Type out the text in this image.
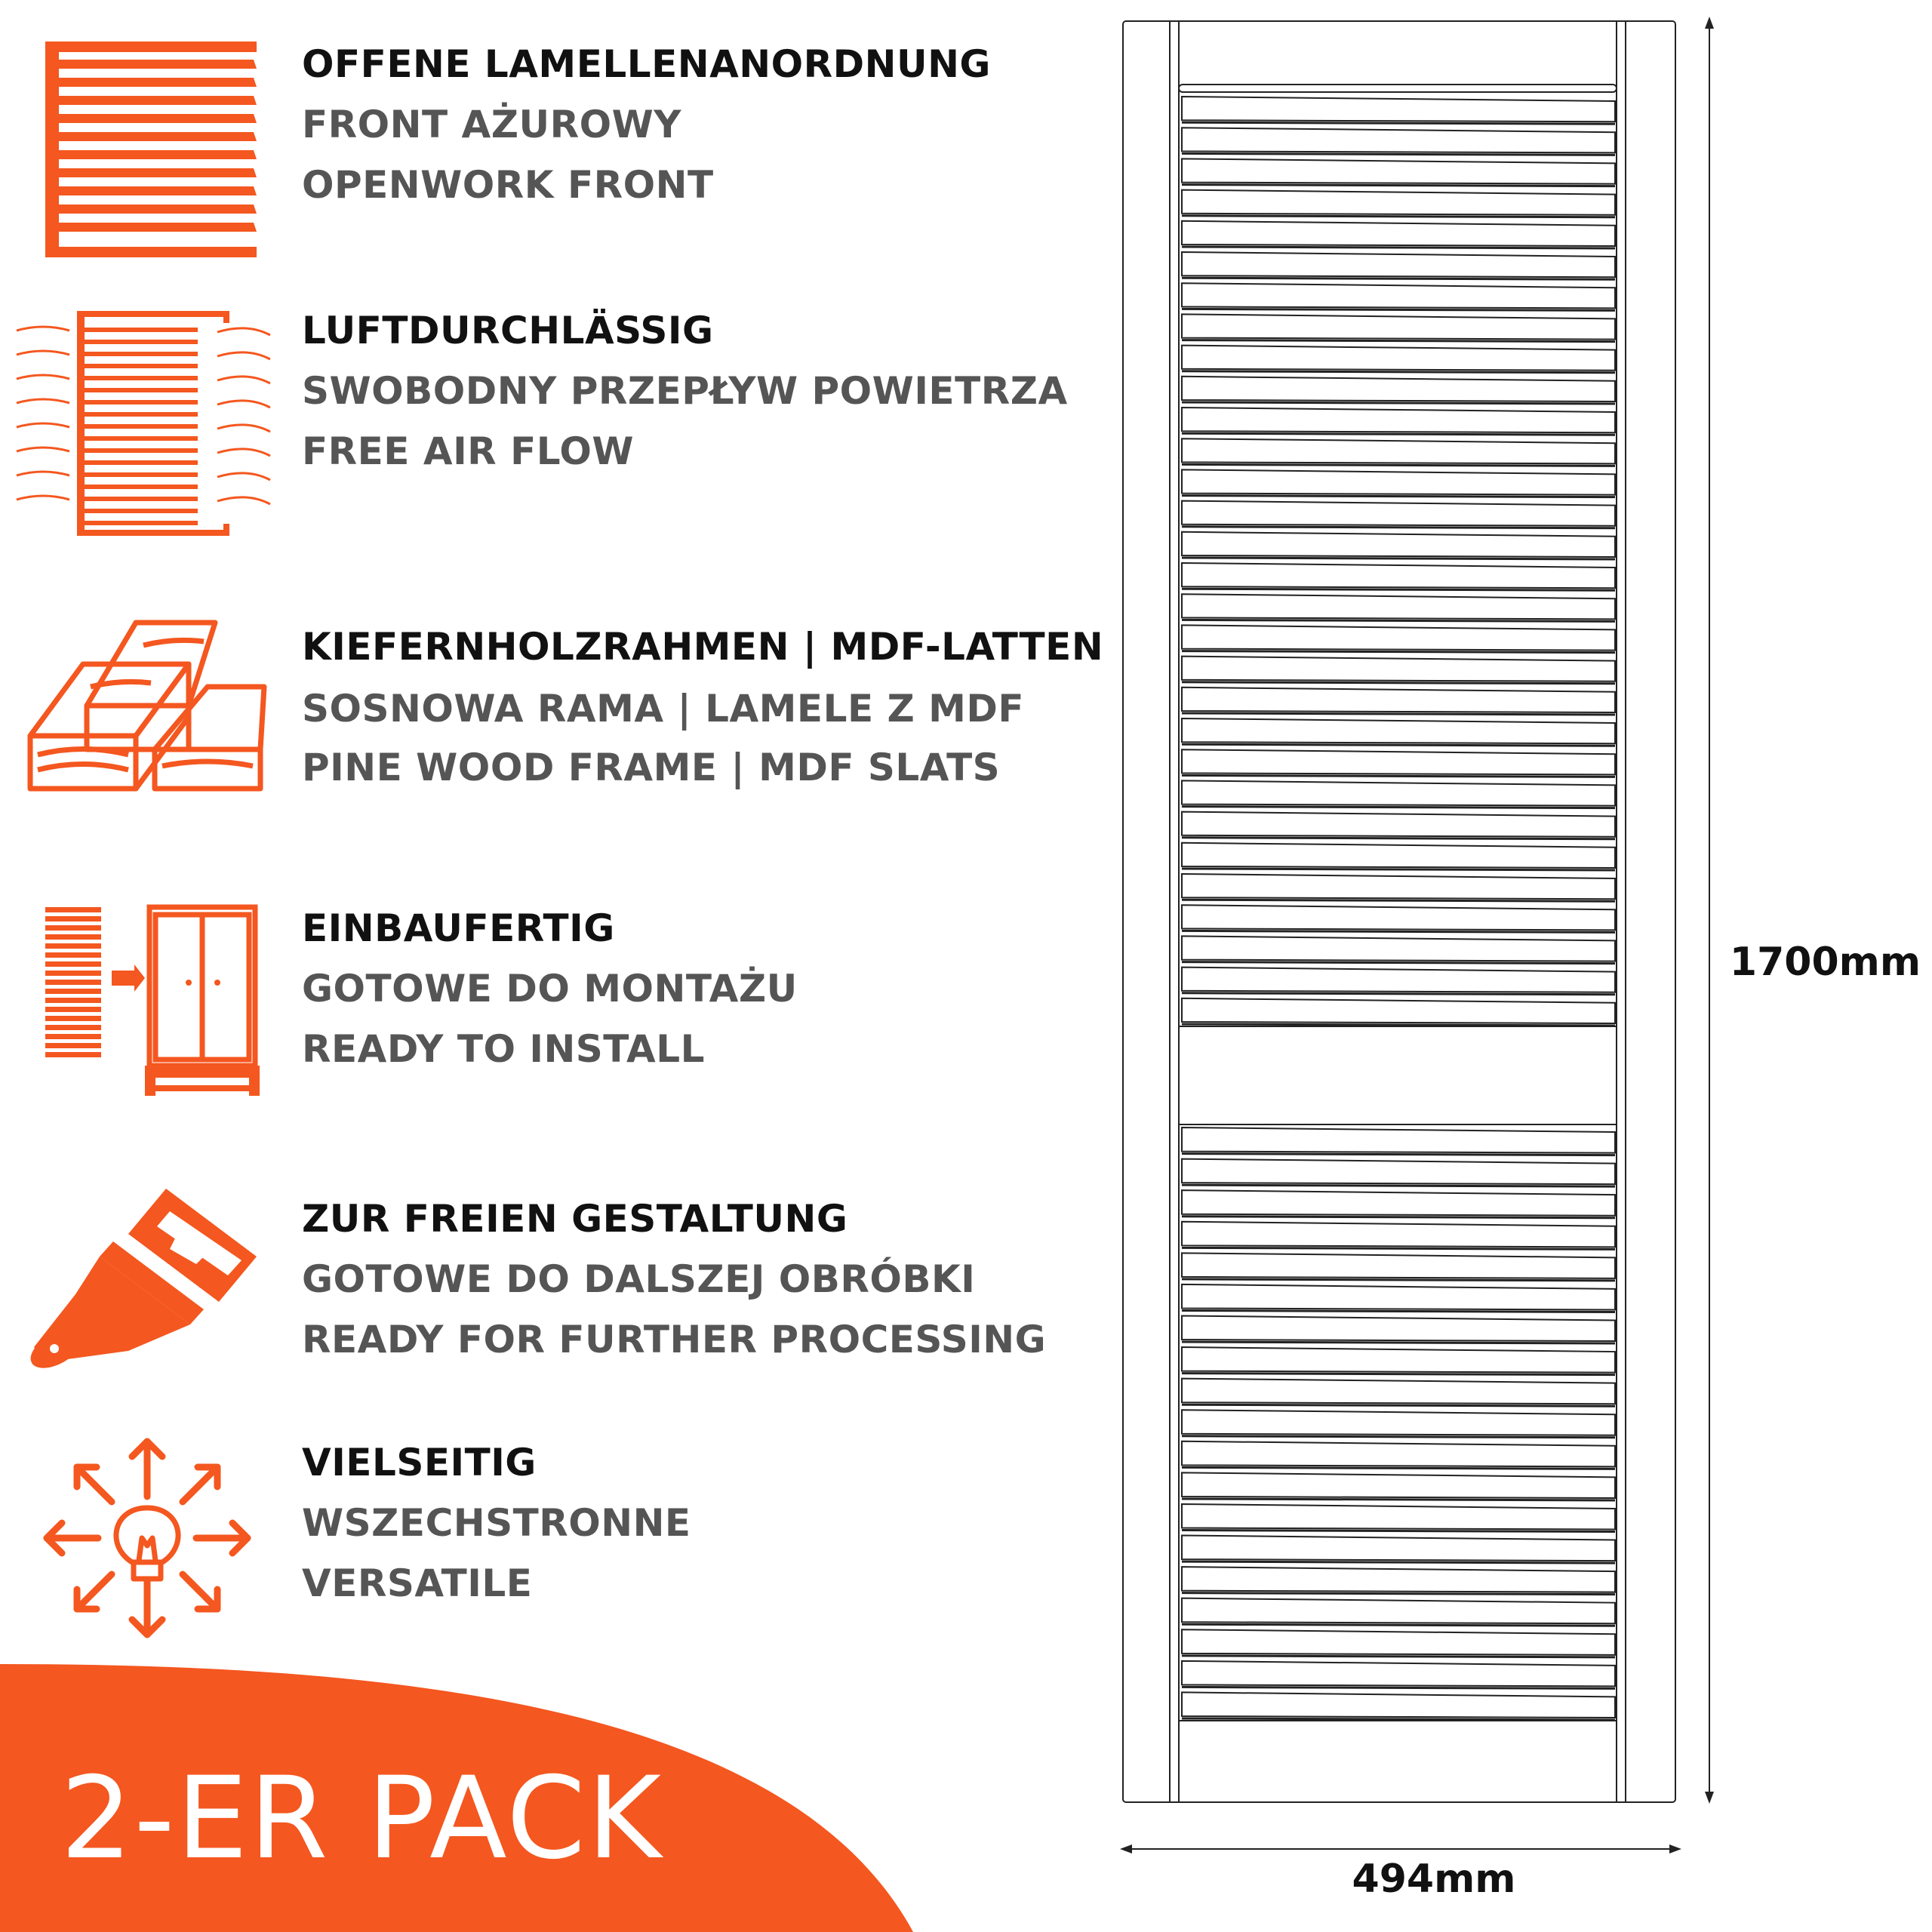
OFFENE LAMELLENANORDNUNG
FRONT AŻUROWY
OPENWORK FRONT
LUFTDURCHLÄSSIG
SWOBODNY PRZEPŁYW POWIETRZA
FREE AIR FLOW
KIEFERNHOLZRAHMEN | MDF-LATTEN
SOSNOWA RAMA | LAMELE Z MDF
PINE WOOD FRAME | MDF SLATS
EINBAUFERTIG
GOTOWE DO MONTAŻU
READY TO INSTALL
ZUR FREIEN GESTALTUNG
GOTOWE DO DALSZEJ OBRÓBKI
READY FOR FURTHER PROCESSING
VIELSEITIG
WSZECHSTRONNE
VERSATILE
2-ER PACK
1700mm
494mm
